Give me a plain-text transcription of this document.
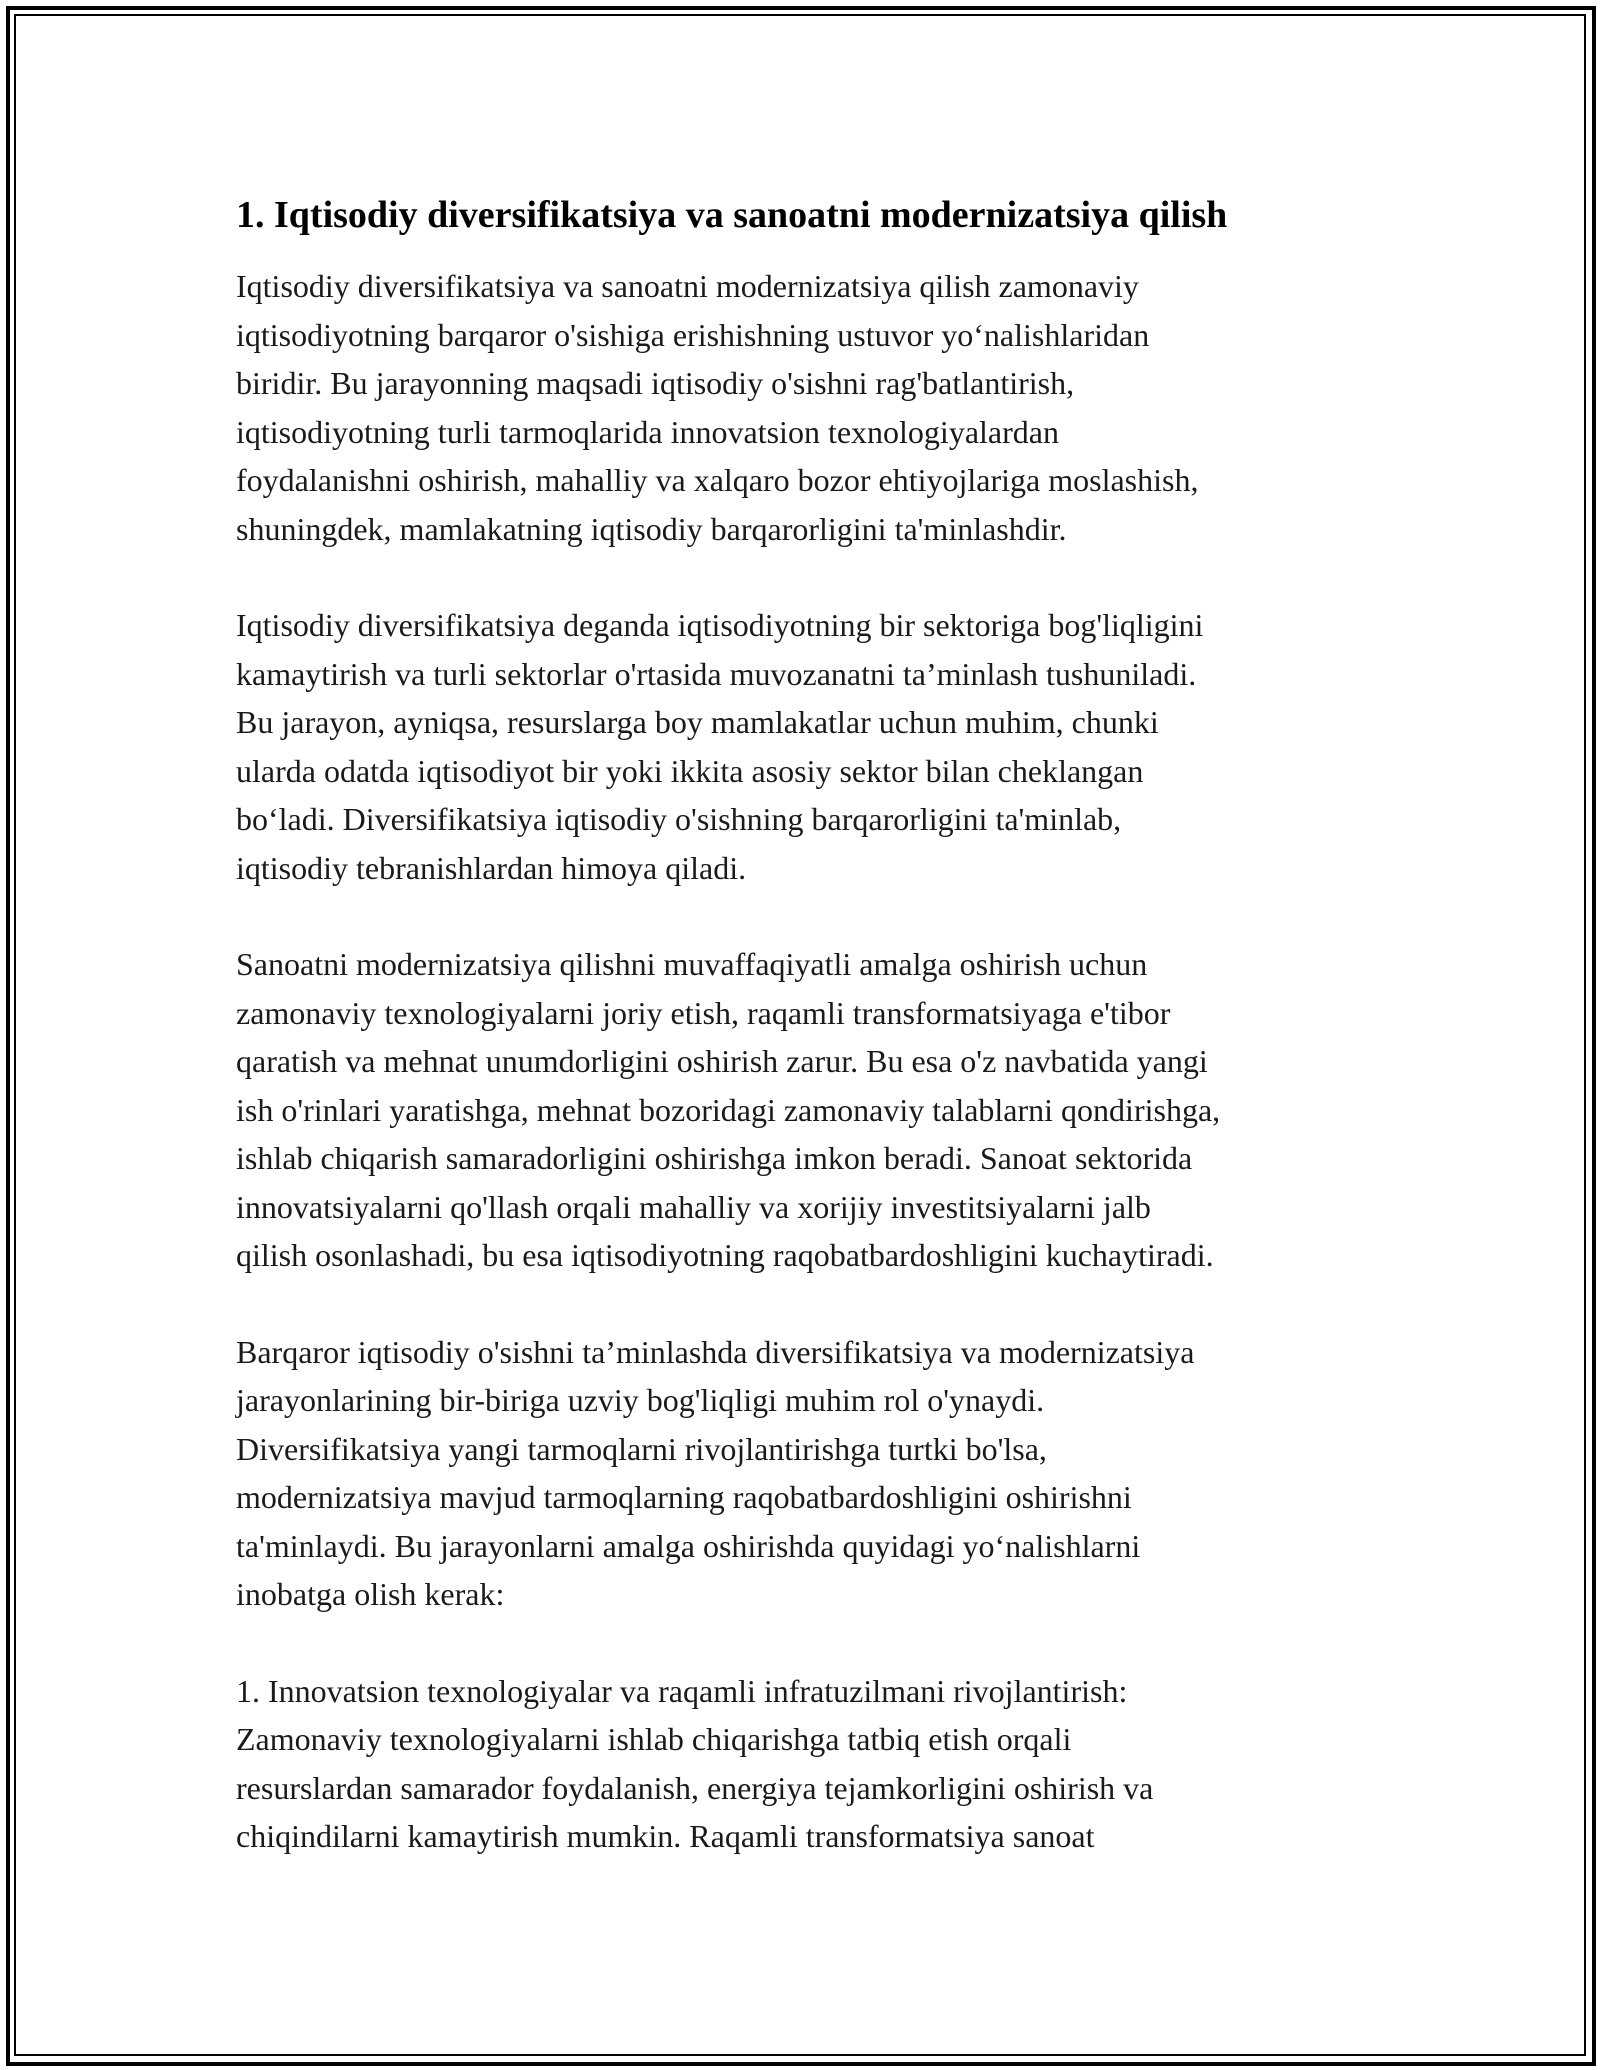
1. Iqtisodiy diversifikatsiya va sanoatni modernizatsiya qilish

Iqtisodiy diversifikatsiya va sanoatni modernizatsiya qilish zamonaviy
iqtisodiyotning barqaror o'sishiga erishishning ustuvor yo‘nalishlaridan
biridir. Bu jarayonning maqsadi iqtisodiy o'sishni rag'batlantirish,
iqtisodiyotning turli tarmoqlarida innovatsion texnologiyalardan
foydalanishni oshirish, mahalliy va xalqaro bozor ehtiyojlariga moslashish,
shuningdek, mamlakatning iqtisodiy barqarorligini ta'minlashdir.

Iqtisodiy diversifikatsiya deganda iqtisodiyotning bir sektoriga bog'liqligini
kamaytirish va turli sektorlar o'rtasida muvozanatni ta’minlash tushuniladi.
Bu jarayon, ayniqsa, resurslarga boy mamlakatlar uchun muhim, chunki
ularda odatda iqtisodiyot bir yoki ikkita asosiy sektor bilan cheklangan
bo‘ladi. Diversifikatsiya iqtisodiy o'sishning barqarorligini ta'minlab,
iqtisodiy tebranishlardan himoya qiladi.

Sanoatni modernizatsiya qilishni muvaffaqiyatli amalga oshirish uchun
zamonaviy texnologiyalarni joriy etish, raqamli transformatsiyaga e'tibor
qaratish va mehnat unumdorligini oshirish zarur. Bu esa o'z navbatida yangi
ish o'rinlari yaratishga, mehnat bozoridagi zamonaviy talablarni qondirishga,
ishlab chiqarish samaradorligini oshirishga imkon beradi. Sanoat sektorida
innovatsiyalarni qo'llash orqali mahalliy va xorijiy investitsiyalarni jalb
qilish osonlashadi, bu esa iqtisodiyotning raqobatbardoshligini kuchaytiradi.

Barqaror iqtisodiy o'sishni ta’minlashda diversifikatsiya va modernizatsiya
jarayonlarining bir-biriga uzviy bog'liqligi muhim rol o'ynaydi.
Diversifikatsiya yangi tarmoqlarni rivojlantirishga turtki bo'lsa,
modernizatsiya mavjud tarmoqlarning raqobatbardoshligini oshirishni
ta'minlaydi. Bu jarayonlarni amalga oshirishda quyidagi yo‘nalishlarni
inobatga olish kerak:

1. Innovatsion texnologiyalar va raqamli infratuzilmani rivojlantirish:
Zamonaviy texnologiyalarni ishlab chiqarishga tatbiq etish orqali
resurslardan samarador foydalanish, energiya tejamkorligini oshirish va
chiqindilarni kamaytirish mumkin. Raqamli transformatsiya sanoat
